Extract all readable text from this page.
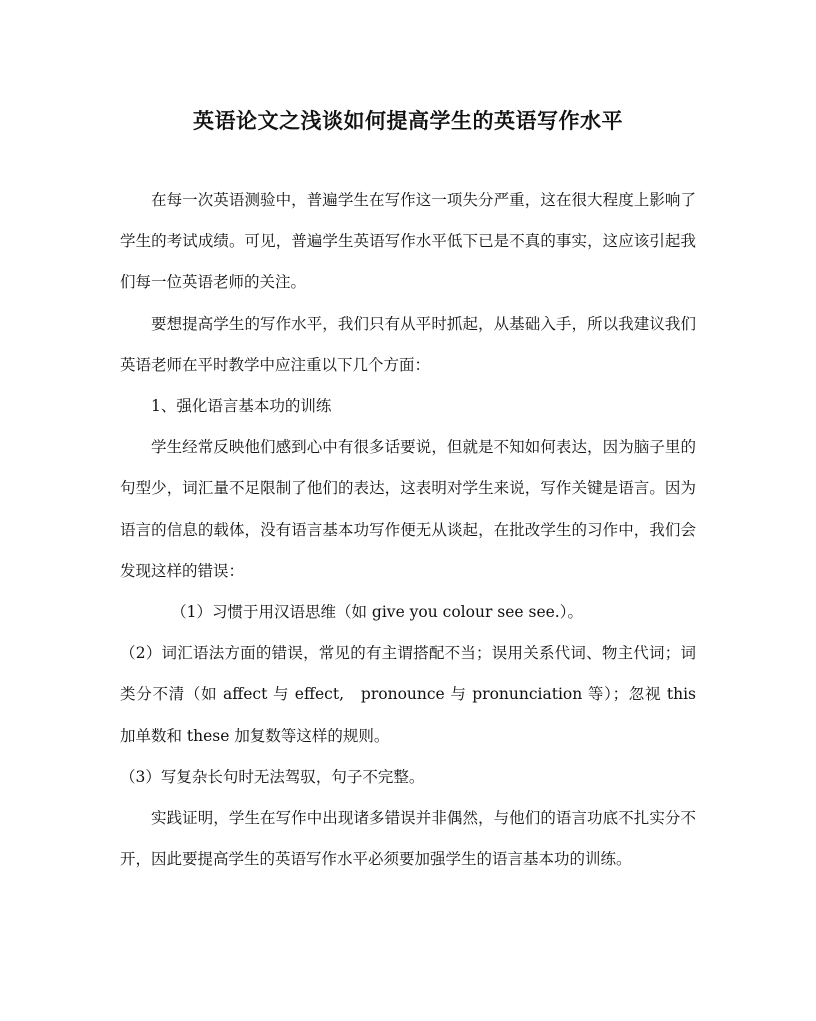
英语论文之浅谈如何提高学生的英语写作水平

在每一次英语测验中，普遍学生在写作这一项失分严重，这在很大程度上影响了学生的考试成绩。可见，普遍学生英语写作水平低下已是不真的事实，这应该引起我们每一位英语老师的关注。

要想提高学生的写作水平，我们只有从平时抓起，从基础入手，所以我建议我们英语老师在平时教学中应注重以下几个方面：

1、强化语言基本功的训练

学生经常反映他们感到心中有很多话要说，但就是不知如何表达，因为脑子里的句型少，词汇量不足限制了他们的表达，这表明对学生来说，写作关键是语言。因为语言的信息的载体，没有语言基本功写作便无从谈起，在批改学生的习作中，我们会发现这样的错误：

（1）习惯于用汉语思维（如 give you colour see see.）。

（2）词汇语法方面的错误，常见的有主谓搭配不当；误用关系代词、物主代词；词类分不清（如 affect 与 effect,　pronounce 与 pronunciation 等）；忽视 this 加单数和 these 加复数等这样的规则。

（3）写复杂长句时无法驾驭，句子不完整。

实践证明，学生在写作中出现诸多错误并非偶然，与他们的语言功底不扎实分不开，因此要提高学生的英语写作水平必须要加强学生的语言基本功的训练。
